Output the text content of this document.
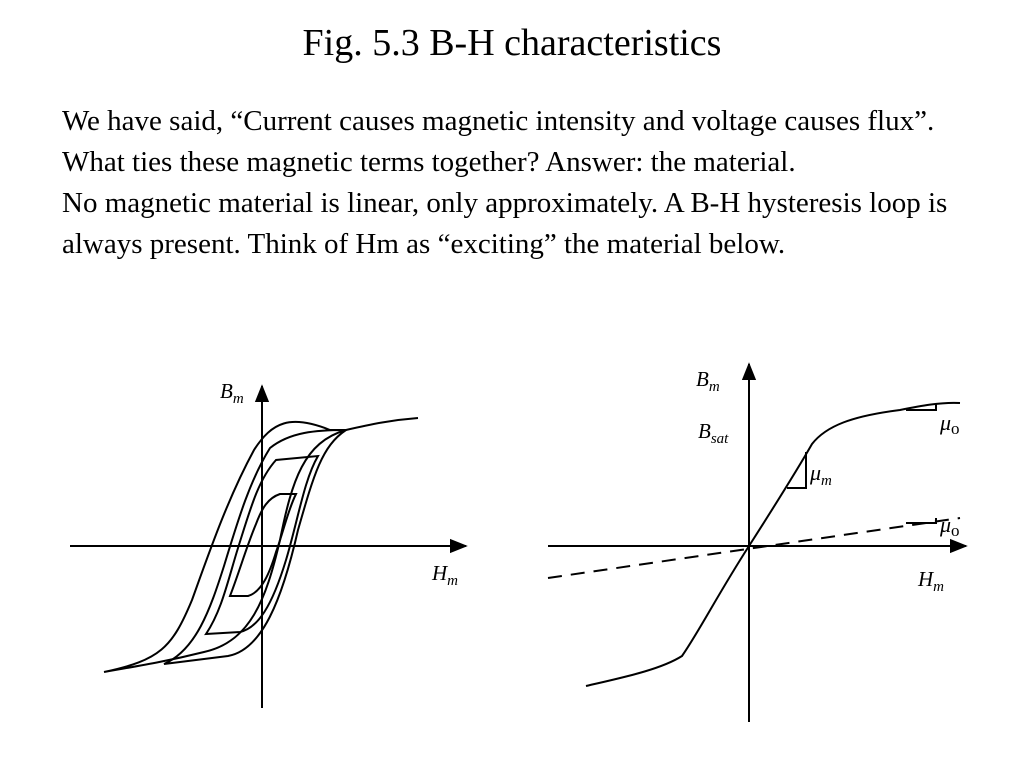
Fig. 5.3 B-H characteristics

We have said, “Current causes magnetic intensity and voltage causes flux”. What ties these magnetic terms together? Answer: the material.

No magnetic material is linear, only approximately. A B-H hysteresis loop is always present. Think of Hm as “exciting” the material below.

$B_m$
$H_m$
$B_m$
$B_{sat}$
$\mu_m$
μo
μo
$H_m$
